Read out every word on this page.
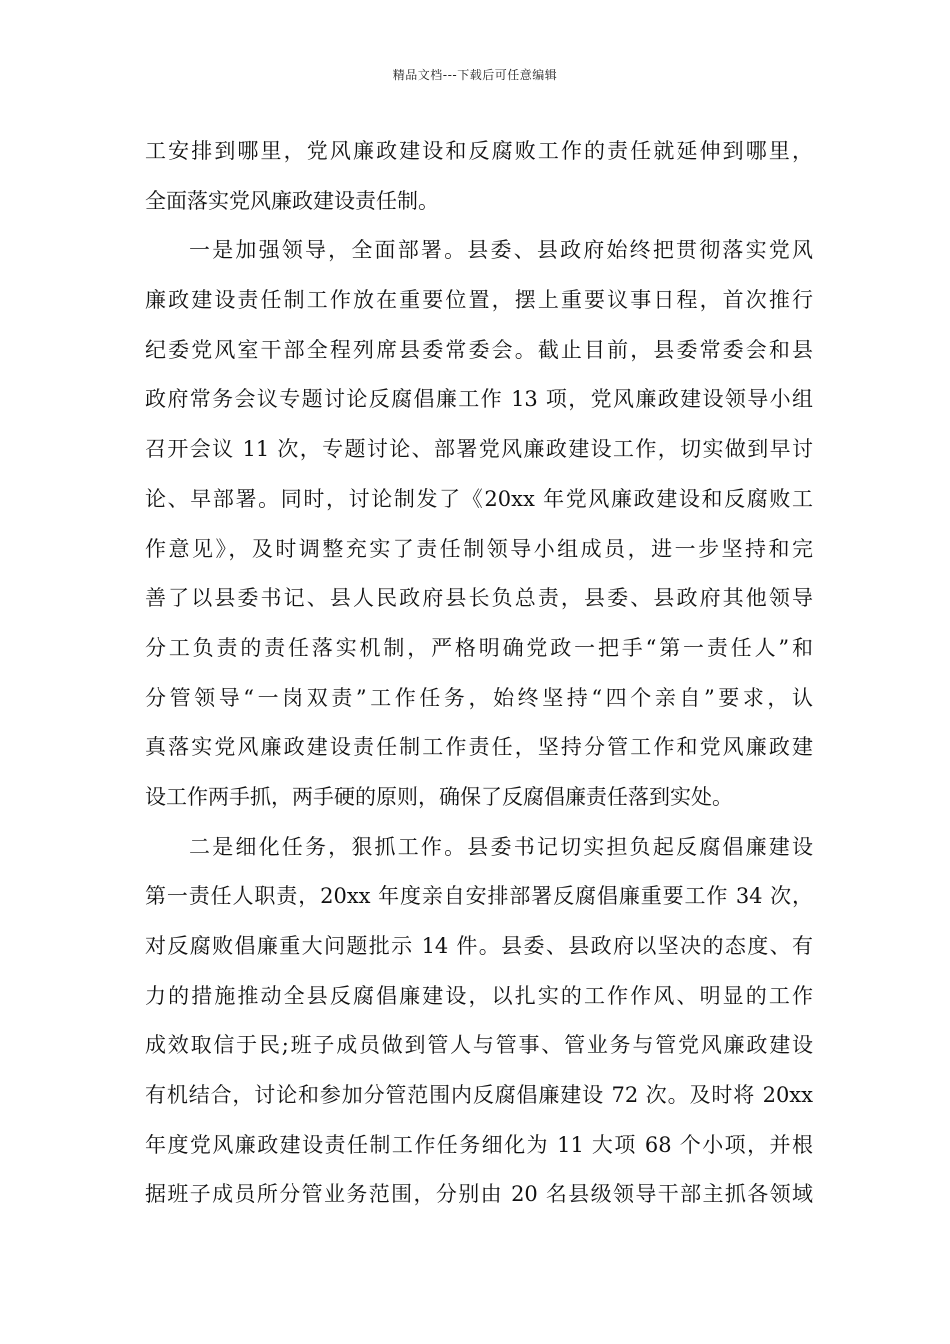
精品文档---下载后可任意编辑
工安排到哪里，党风廉政建设和反腐败工作的责任就延伸到哪里，
全面落实党风廉政建设责任制。
一是加强领导，全面部署。县委、县政府始终把贯彻落实党风
廉政建设责任制工作放在重要位置，摆上重要议事日程，首次推行
纪委党风室干部全程列席县委常委会。截止目前，县委常委会和县
政府常务会议专题讨论反腐倡廉工作 13 项，党风廉政建设领导小组
召开会议 11 次，专题讨论、部署党风廉政建设工作，切实做到早讨
论、早部署。同时，讨论制发了《20xx 年党风廉政建设和反腐败工
作意见》，及时调整充实了责任制领导小组成员，进一步坚持和完
善了以县委书记、县人民政府县长负总责，县委、县政府其他领导
分工负责的责任落实机制，严格明确党政一把手“第一责任人”和
分管领导“一岗双责”工作任务，始终坚持“四个亲自”要求，认
真落实党风廉政建设责任制工作责任，坚持分管工作和党风廉政建
设工作两手抓，两手硬的原则，确保了反腐倡廉责任落到实处。
二是细化任务，狠抓工作。县委书记切实担负起反腐倡廉建设
第一责任人职责，20xx 年度亲自安排部署反腐倡廉重要工作 34 次，
对反腐败倡廉重大问题批示 14 件。县委、县政府以坚决的态度、有
力的措施推动全县反腐倡廉建设，以扎实的工作作风、明显的工作
成效取信于民;班子成员做到管人与管事、管业务与管党风廉政建设
有机结合，讨论和参加分管范围内反腐倡廉建设 72 次。及时将 20xx
年度党风廉政建设责任制工作任务细化为 11 大项 68 个小项，并根
据班子成员所分管业务范围，分别由 20 名县级领导干部主抓各领域
